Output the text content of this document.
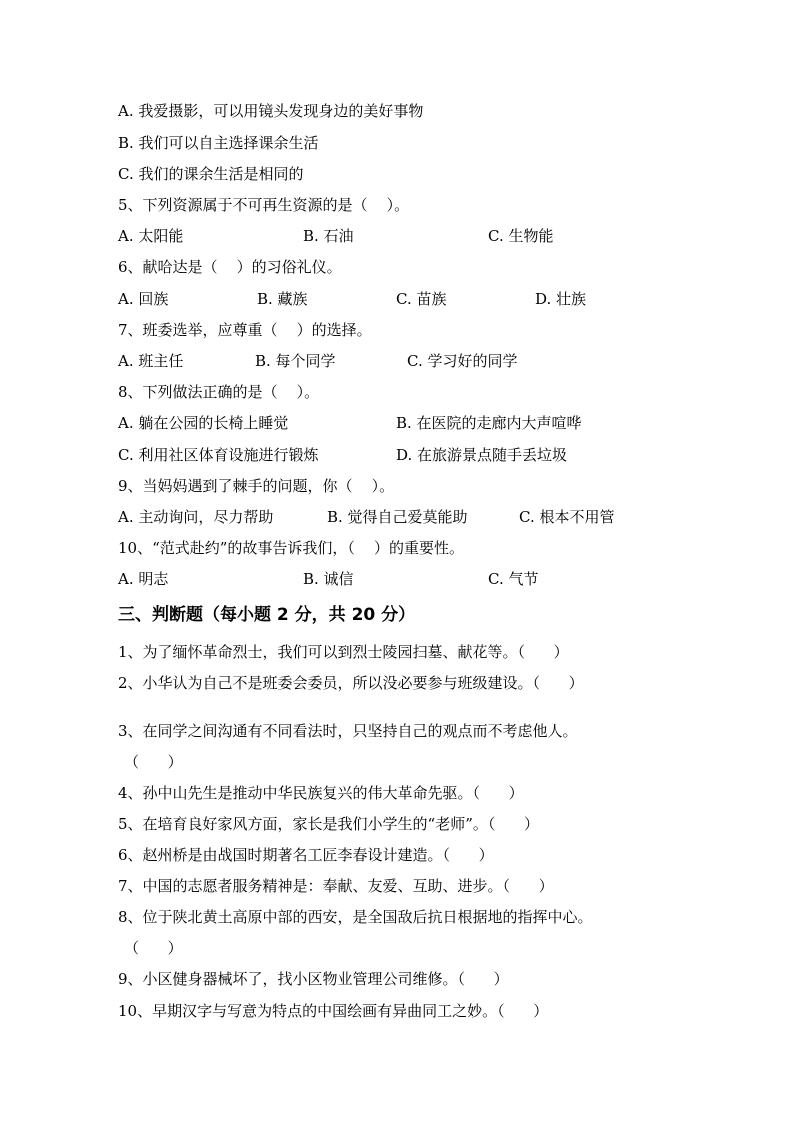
A. 我爱摄影，可以用镜头发现身边的美好事物
B. 我们可以自主选择课余生活
C. 我们的课余生活是相同的
5、下列资源属于不可再生资源的是（    ）。
A. 太阳能	B. 石油	C. 生物能
6、献哈达是（    ）的习俗礼仪。
A. 回族	B. 藏族	C. 苗族	D. 壮族
7、班委选举，应尊重（    ）的选择。
A. 班主任	B. 每个同学	C. 学习好的同学
8、下列做法正确的是（    ）。
A. 躺在公园的长椅上睡觉	B. 在医院的走廊内大声喧哗
C. 利用社区体育设施进行锻炼	D. 在旅游景点随手丢垃圾
9、当妈妈遇到了棘手的问题，你（    ）。
A. 主动询问，尽力帮助	B. 觉得自己爱莫能助	C. 根本不用管
10、“范式赴约”的故事告诉我们，（    ）的重要性。
A. 明志	B. 诚信	C. 气节
三、判断题（每小题 2 分，共 20 分）
1、为了缅怀革命烈士，我们可以到烈士陵园扫墓、献花等。（      ）
2、小华认为自己不是班委会委员，所以没必要参与班级建设。（      ）
3、在同学之间沟通有不同看法时，只坚持自己的观点而不考虑他人。
（      ）
4、孙中山先生是推动中华民族复兴的伟大革命先驱。（      ）
5、在培育良好家风方面，家长是我们小学生的“老师”。（      ）
6、赵州桥是由战国时期著名工匠李春设计建造。（      ）
7、中国的志愿者服务精神是：奉献、友爱、互助、进步。（      ）
8、位于陕北黄土高原中部的西安，是全国敌后抗日根据地的指挥中心。
（      ）
9、小区健身器械坏了，找小区物业管理公司维修。（      ）
10、早期汉字与写意为特点的中国绘画有异曲同工之妙。（      ）
